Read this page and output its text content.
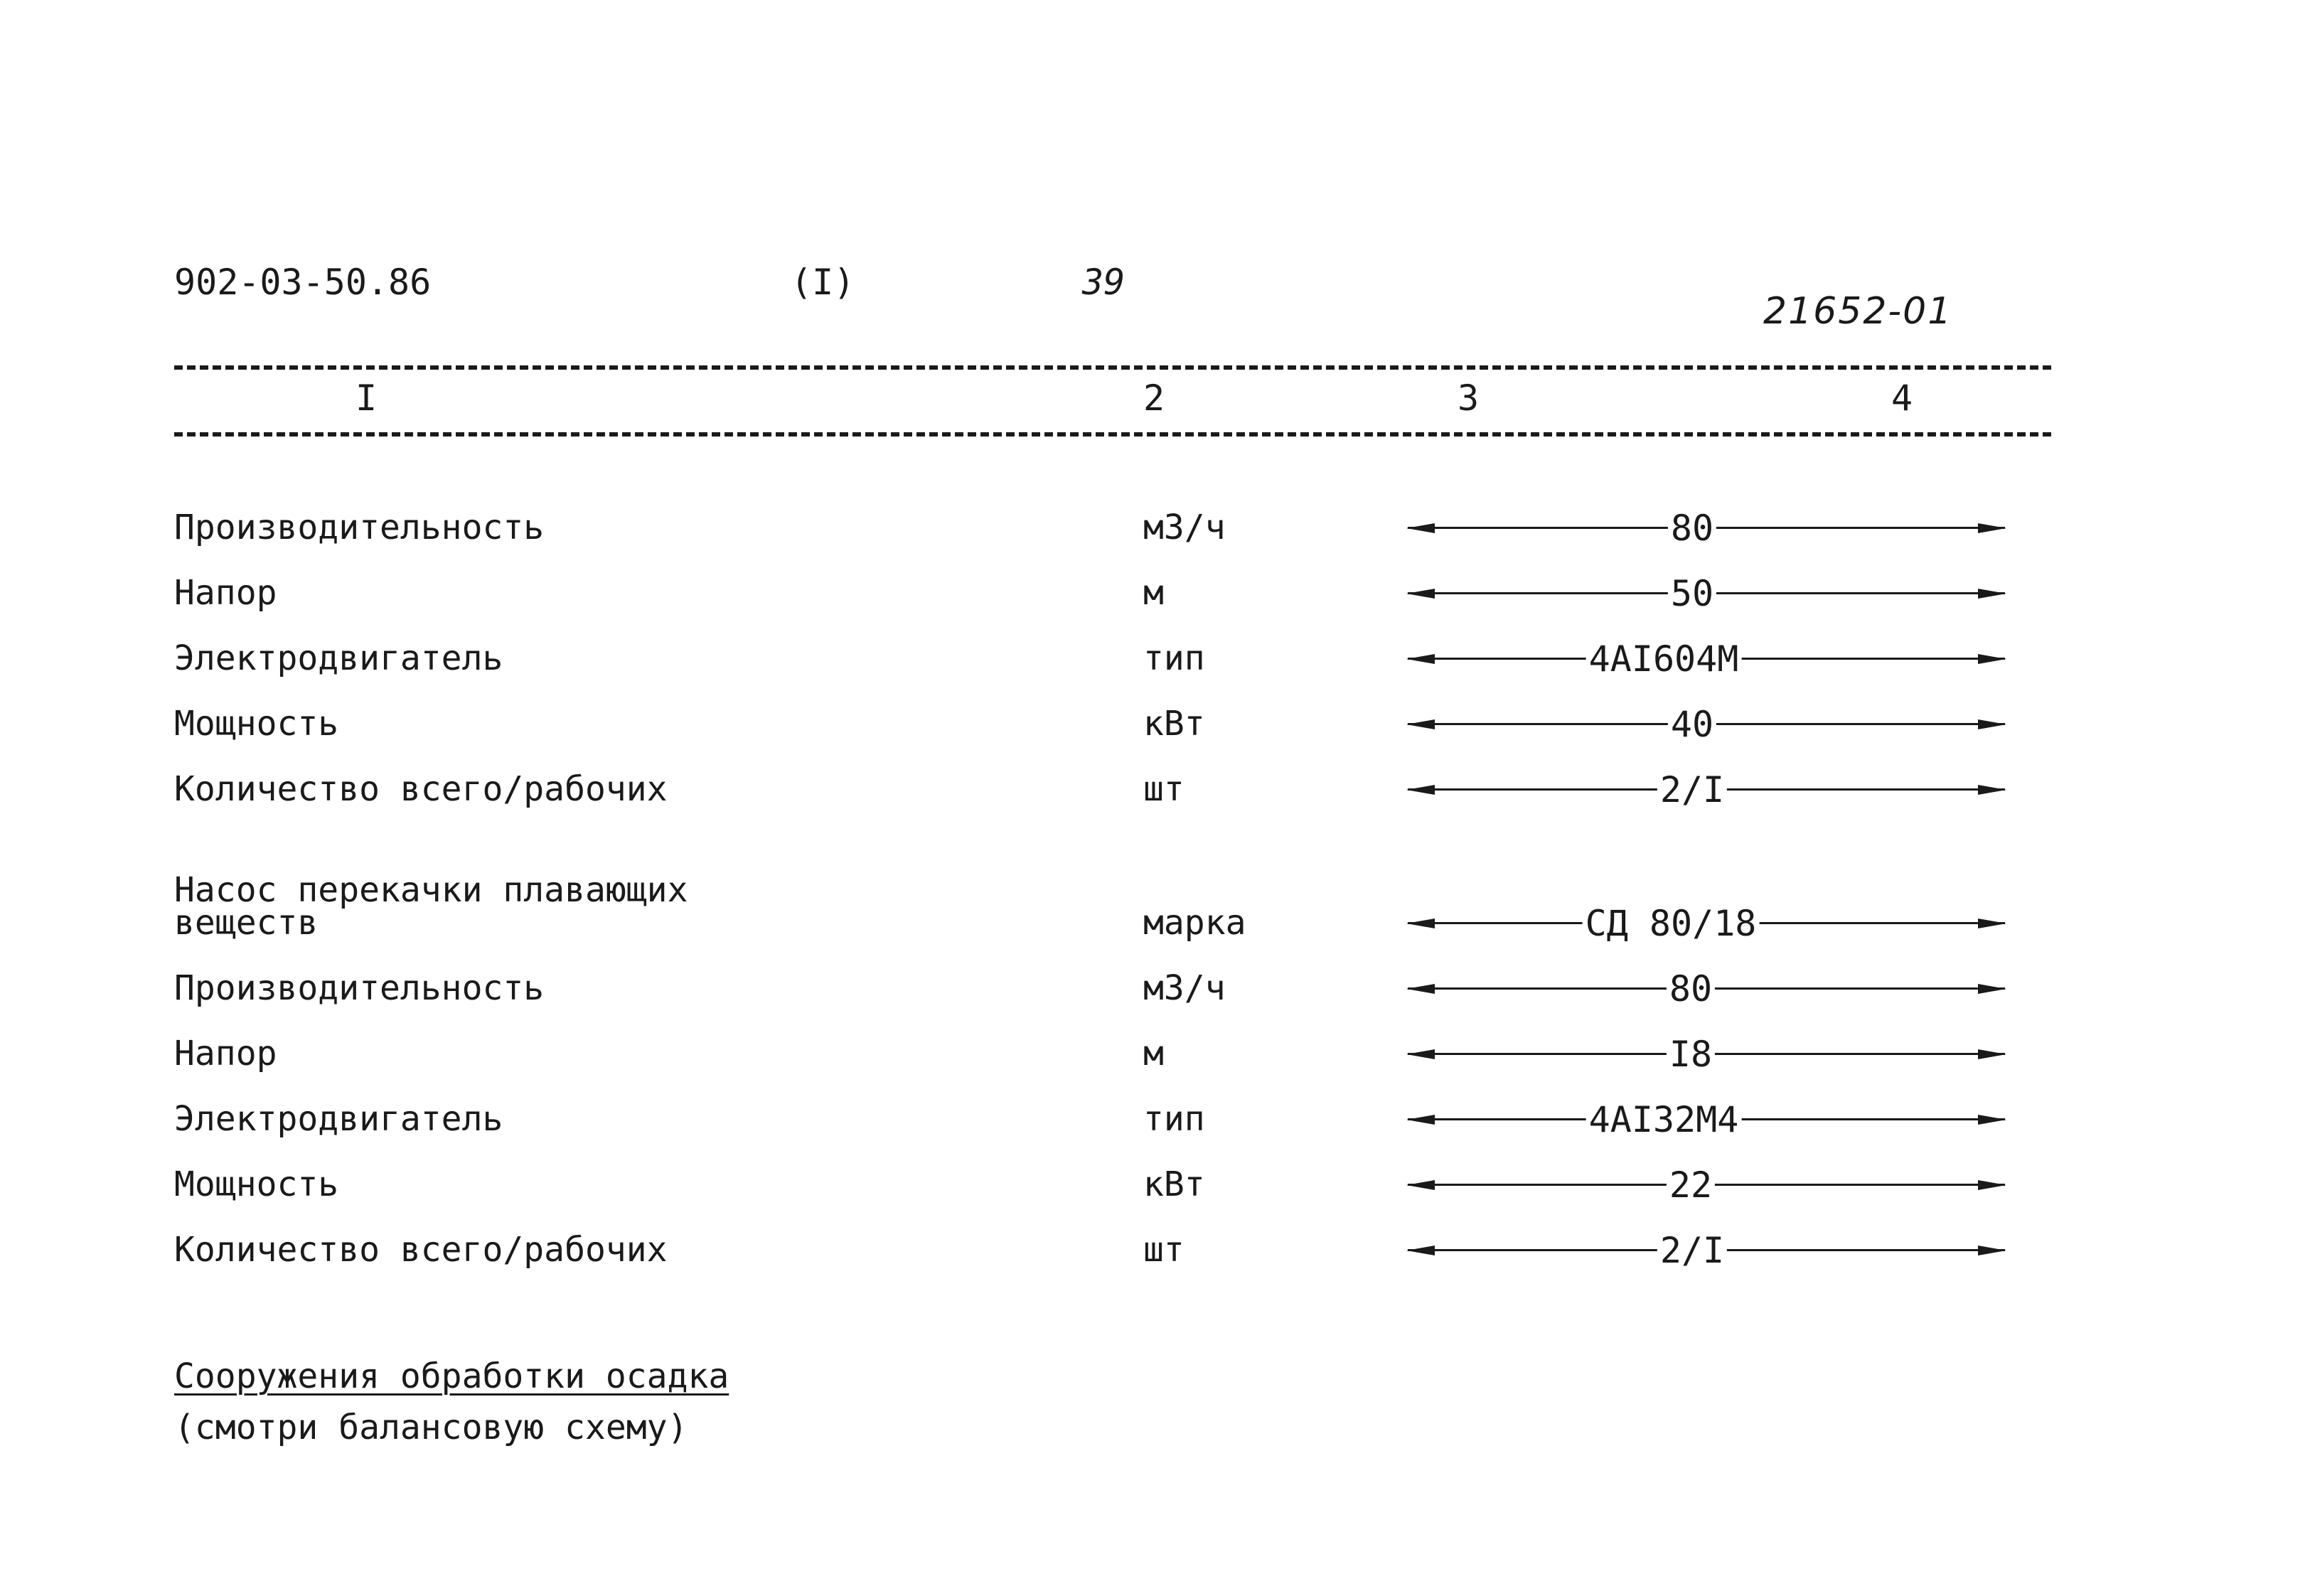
902-03-50.86	(I)	39
21652-01
I	2	3	4
Производительность	м3/ч	80
Напор	м	50
Электродвигатель	тип	4AI604M
Мощность	кВт	40
Количество всего/рабочих	шт	2/I
Насос перекачки плавающих
веществ	марка	СД 80/18
Производительность	м3/ч	80
Напор	м	I8
Электродвигатель	тип	4AI32M4
Мощность	кВт	22
Количество всего/рабочих	шт	2/I
Сооружения обработки осадка
(смотри балансовую схему)
